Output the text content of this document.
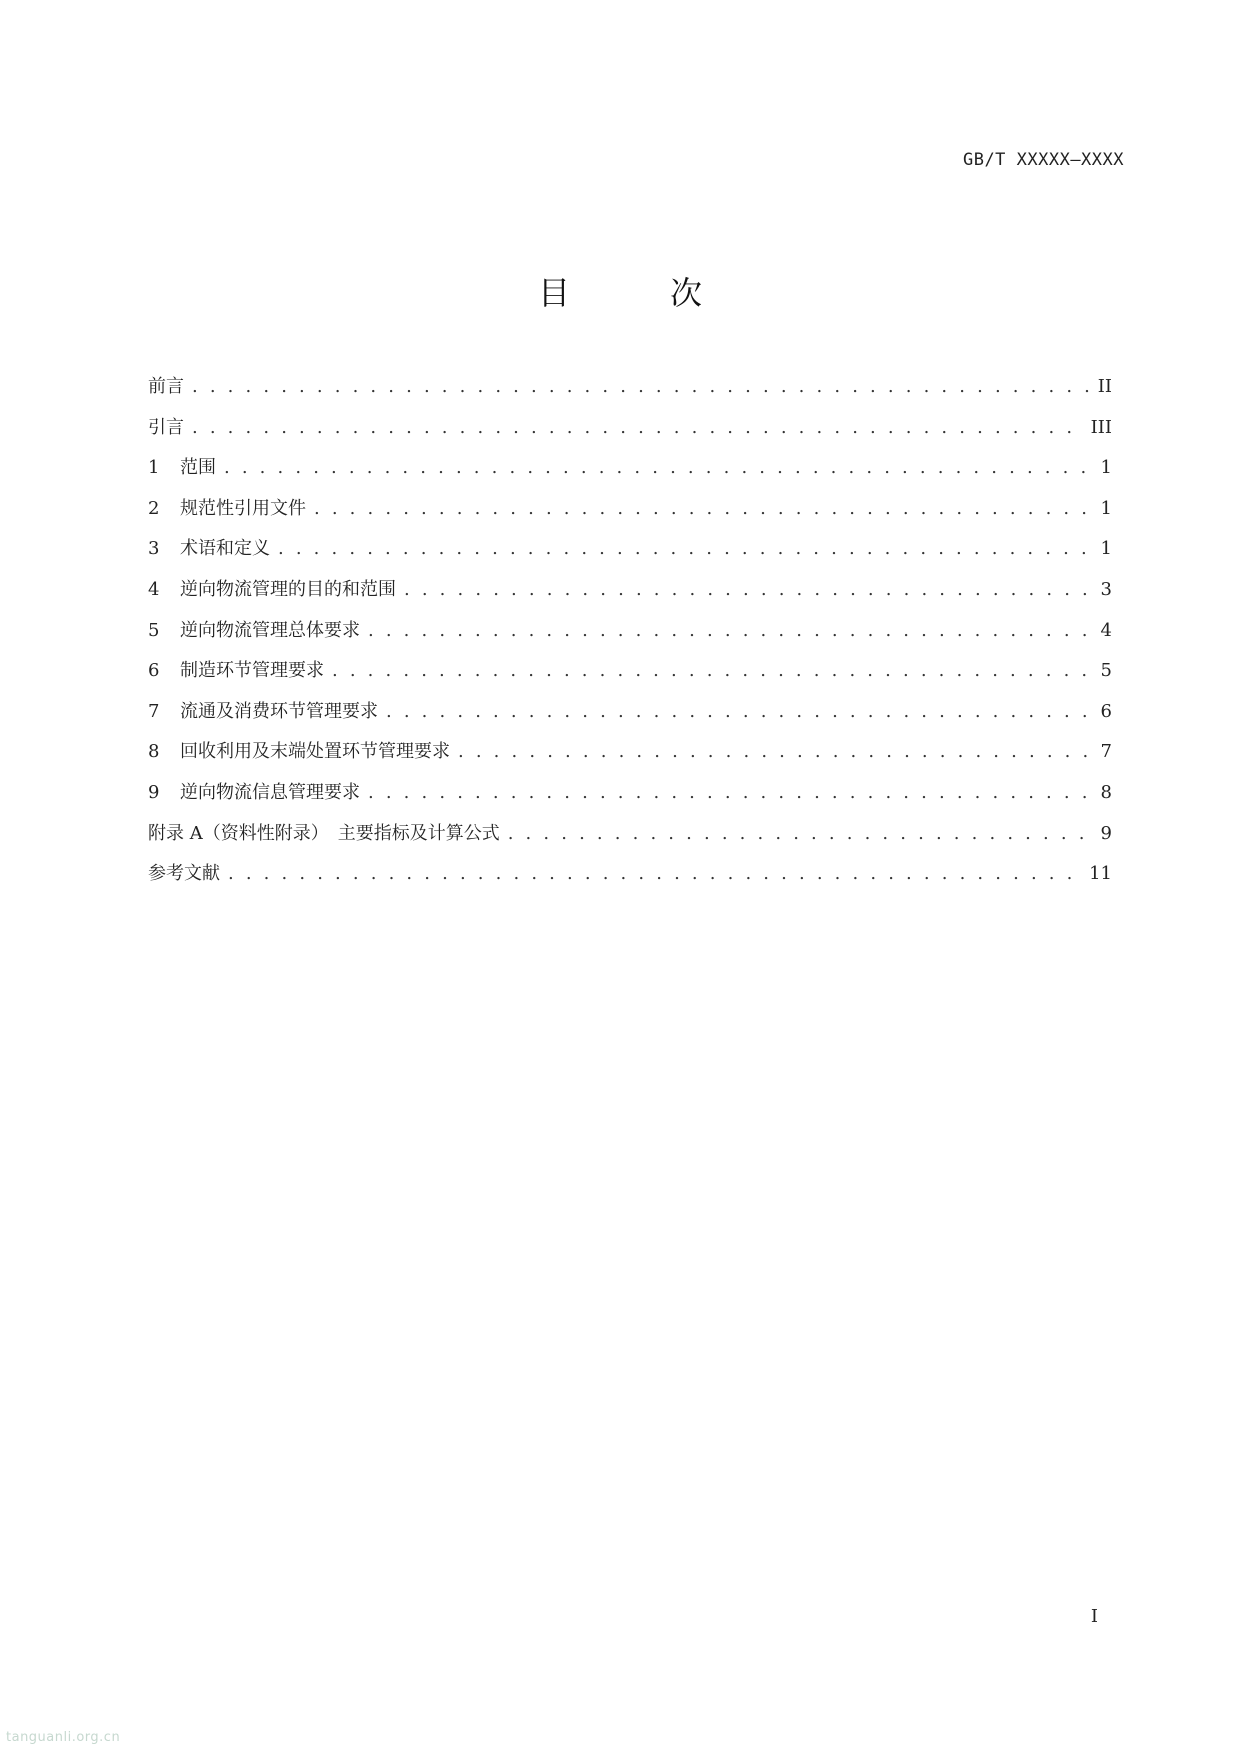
GB/T XXXXX—XXXX
目　次
前言 . . .	II
引言 . . .	III
1	范围 . . .	1
2	规范性引用文件 . . .	1
3	术语和定义 . . .	1
4	逆向物流管理的目的和范围 . . .	3
5	逆向物流管理总体要求 . . .	4
6	制造环节管理要求 . . .	5
7	流通及消费环节管理要求 . . .	6
8	回收利用及末端处置环节管理要求 . . .	7
9	逆向物流信息管理要求 . . .	8
附录 A（资料性附录）　主要指标及计算公式 . . .	9
参考文献 . . .	11
I
tanguanli.org.cn
